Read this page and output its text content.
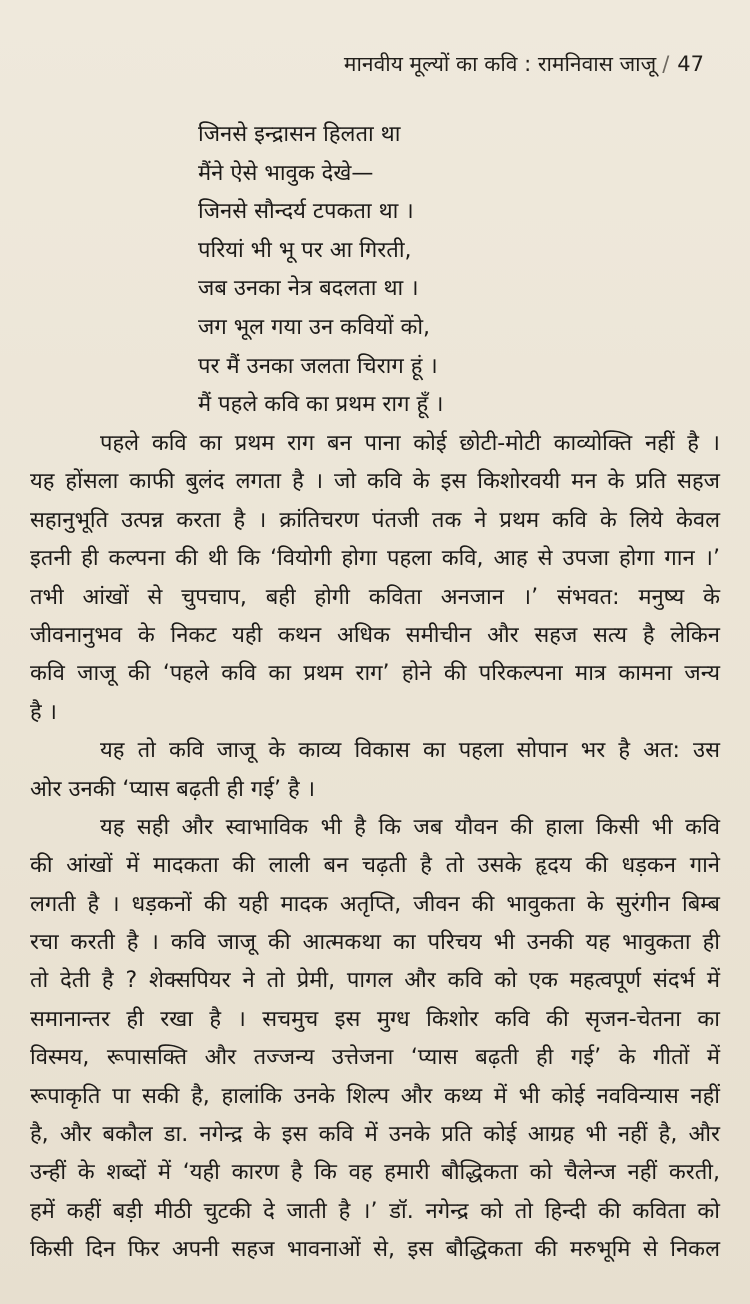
मानवीय मूल्यों का कवि : रामनिवास जाजू / 47
जिनसे इन्द्रासन हिलता था
मैंने ऐसे भावुक देखे—
जिनसे सौन्दर्य टपकता था ।
परियां भी भू पर आ गिरती,
जब उनका नेत्र बदलता था ।
जग भूल गया उन कवियों को,
पर मैं उनका जलता चिराग हूं ।
मैं पहले कवि का प्रथम राग हूँ ।
पहले कवि का प्रथम राग बन पाना कोई छोटी-मोटी काव्योक्ति नहीं है ।
यह होंसला काफी बुलंद लगता है । जो कवि के इस किशोरवयी मन के प्रति सहज
सहानुभूति उत्पन्न करता है । क्रांतिचरण पंतजी तक ने प्रथम कवि के लिये केवल
इतनी ही कल्पना की थी कि ‘वियोगी होगा पहला कवि, आह से उपजा होगा गान ।’
तभी आंखों से चुपचाप, बही होगी कविता अनजान ।’ संभवत: मनुष्य के
जीवनानुभव के निकट यही कथन अधिक समीचीन और सहज सत्य है लेकिन
कवि जाजू की ‘पहले कवि का प्रथम राग’ होने की परिकल्पना मात्र कामना जन्य
है ।
यह तो कवि जाजू के काव्य विकास का पहला सोपान भर है अत: उस
ओर उनकी ‘प्यास बढ़ती ही गई’ है ।
यह सही और स्वाभाविक भी है कि जब यौवन की हाला किसी भी कवि
की आंखों में मादकता की लाली बन चढ़ती है तो उसके हृदय की धड़कन गाने
लगती है । धड़कनों की यही मादक अतृप्ति, जीवन की भावुकता के सुरंगीन बिम्ब
रचा करती है । कवि जाजू की आत्मकथा का परिचय भी उनकी यह भावुकता ही
तो देती है ? शेक्सपियर ने तो प्रेमी, पागल और कवि को एक महत्वपूर्ण संदर्भ में
समानान्तर ही रखा है । सचमुच इस मुग्ध किशोर कवि की सृजन-चेतना का
विस्मय, रूपासक्ति और तज्जन्य उत्तेजना ‘प्यास बढ़ती ही गई’ के गीतों में
रूपाकृति पा सकी है, हालांकि उनके शिल्प और कथ्य में भी कोई नवविन्यास नहीं
है, और बकौल डा. नगेन्द्र के इस कवि में उनके प्रति कोई आग्रह भी नहीं है, और
उन्हीं के शब्दों में ‘यही कारण है कि वह हमारी बौद्धिकता को चैलेन्ज नहीं करती,
हमें कहीं बड़ी मीठी चुटकी दे जाती है ।’ डॉ. नगेन्द्र को तो हिन्दी की कविता को
किसी दिन फिर अपनी सहज भावनाओं से, इस बौद्धिकता की मरुभूमि से निकल
